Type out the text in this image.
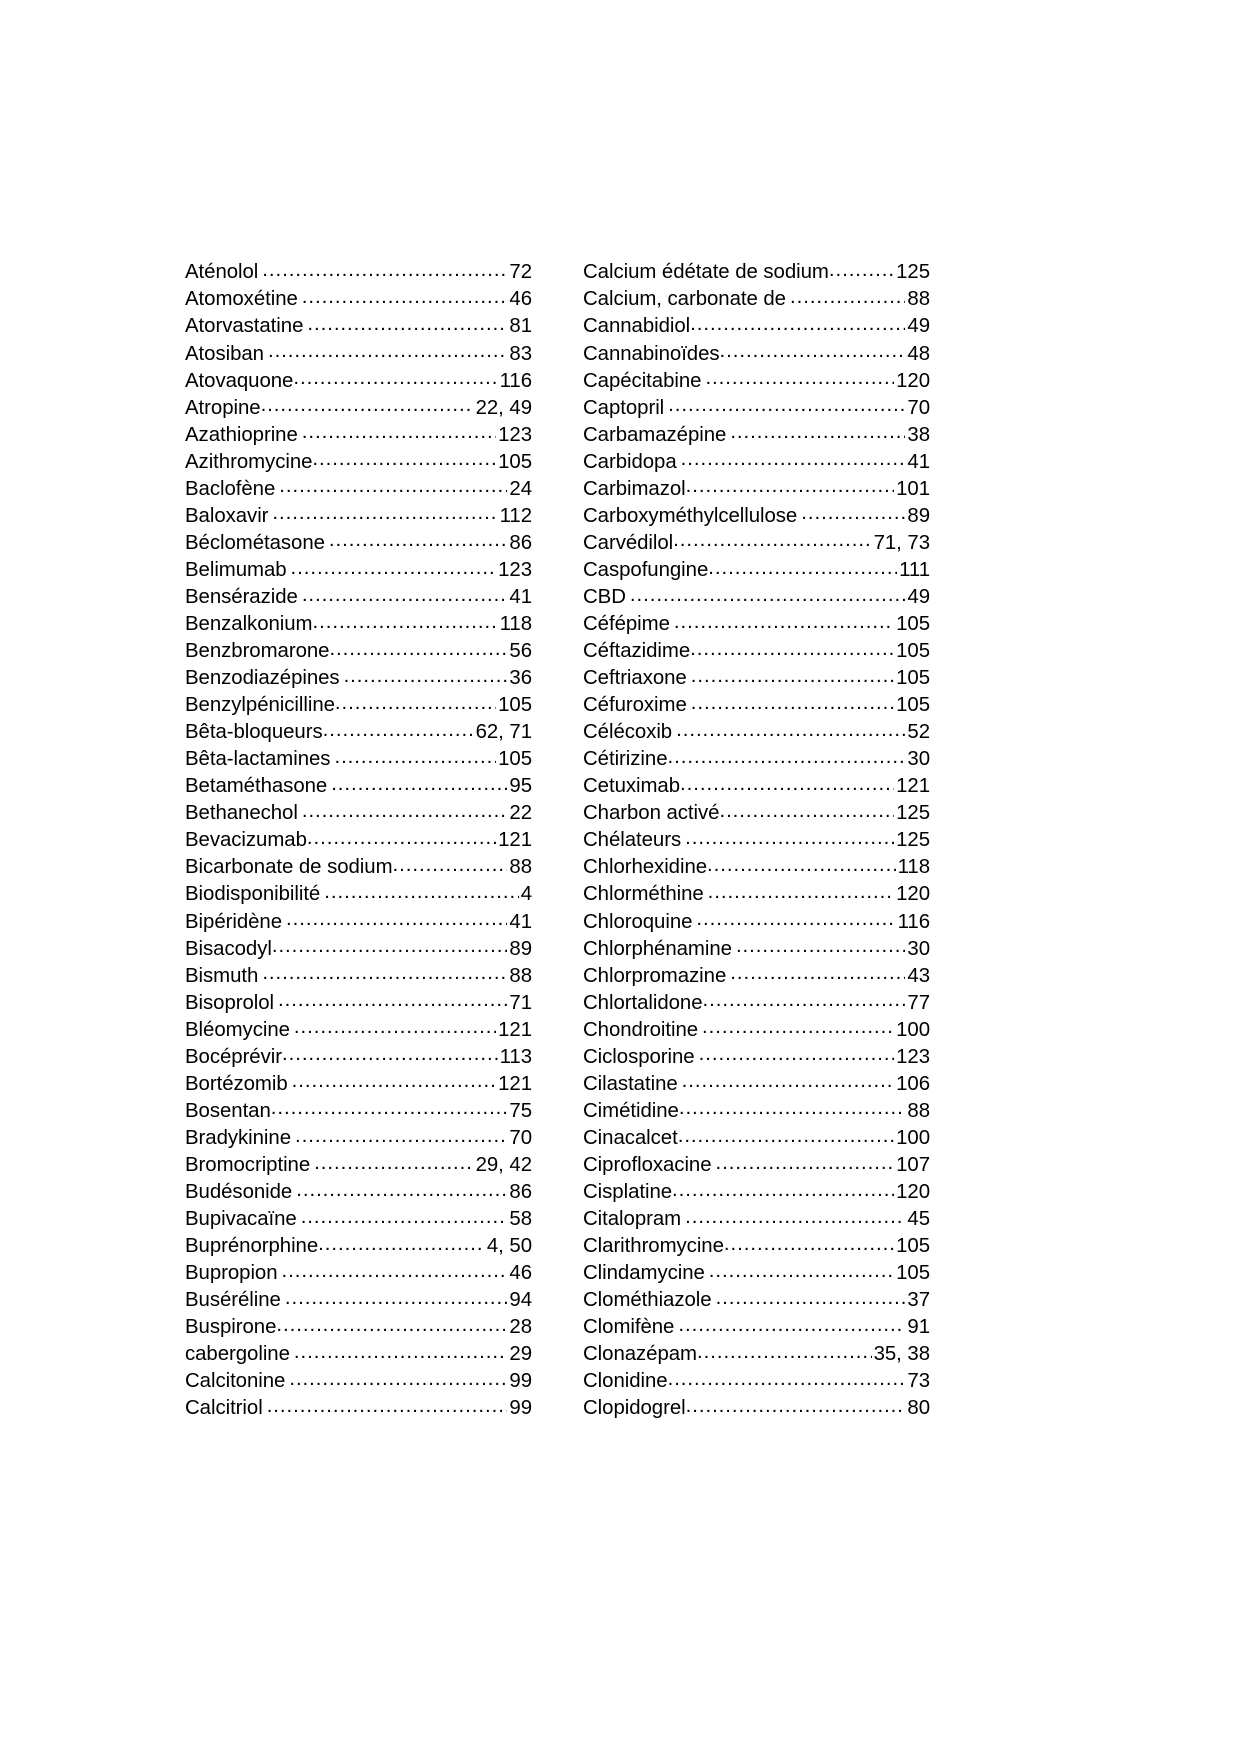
Aténolol .....	72
Atomoxétine .....	46
Atorvastatine .....	81
Atosiban .....	83
Atovaquone .....	116
Atropine .....	22, 49
Azathioprine .....	123
Azithromycine .....	105
Baclofène .....	24
Baloxavir .....	112
Béclométasone .....	86
Belimumab .....	123
Bensérazide .....	41
Benzalkonium .....	118
Benzbromarone .....	56
Benzodiazépines .....	36
Benzylpénicilline .....	105
Bêta-bloqueurs .....	62, 71
Bêta-lactamines .....	105
Betaméthasone .....	95
Bethanechol .....	22
Bevacizumab .....	121
Bicarbonate de sodium .....	88
Biodisponibilité .....	4
Bipéridène .....	41
Bisacodyl .....	89
Bismuth .....	88
Bisoprolol .....	71
Bléomycine .....	121
Bocéprévir .....	113
Bortézomib .....	121
Bosentan .....	75
Bradykinine .....	70
Bromocriptine .....	29, 42
Budésonide .....	86
Bupivacaïne .....	58
Buprénorphine .....	4, 50
Bupropion .....	46
Buséréline .....	94
Buspirone .....	28
cabergoline .....	29
Calcitonine .....	99
Calcitriol .....	99
Calcium édétate de sodium .....	125
Calcium, carbonate de .....	88
Cannabidiol .....	49
Cannabinoïdes .....	48
Capécitabine .....	120
Captopril .....	70
Carbamazépine .....	38
Carbidopa .....	41
Carbimazol .....	101
Carboxyméthylcellulose .....	89
Carvédilol .....	71, 73
Caspofungine .....	111
CBD .....	49
Céfépime .....	105
Céftazidime .....	105
Ceftriaxone .....	105
Céfuroxime .....	105
Célécoxib .....	52
Cétirizine .....	30
Cetuximab .....	121
Charbon activé .....	125
Chélateurs .....	125
Chlorhexidine .....	118
Chlorméthine .....	120
Chloroquine .....	116
Chlorphénamine .....	30
Chlorpromazine .....	43
Chlortalidone .....	77
Chondroitine .....	100
Ciclosporine .....	123
Cilastatine .....	106
Cimétidine .....	88
Cinacalcet .....	100
Ciprofloxacine .....	107
Cisplatine .....	120
Citalopram .....	45
Clarithromycine .....	105
Clindamycine .....	105
Clométhiazole .....	37
Clomifène .....	91
Clonazépam .....	35, 38
Clonidine .....	73
Clopidogrel .....	80
